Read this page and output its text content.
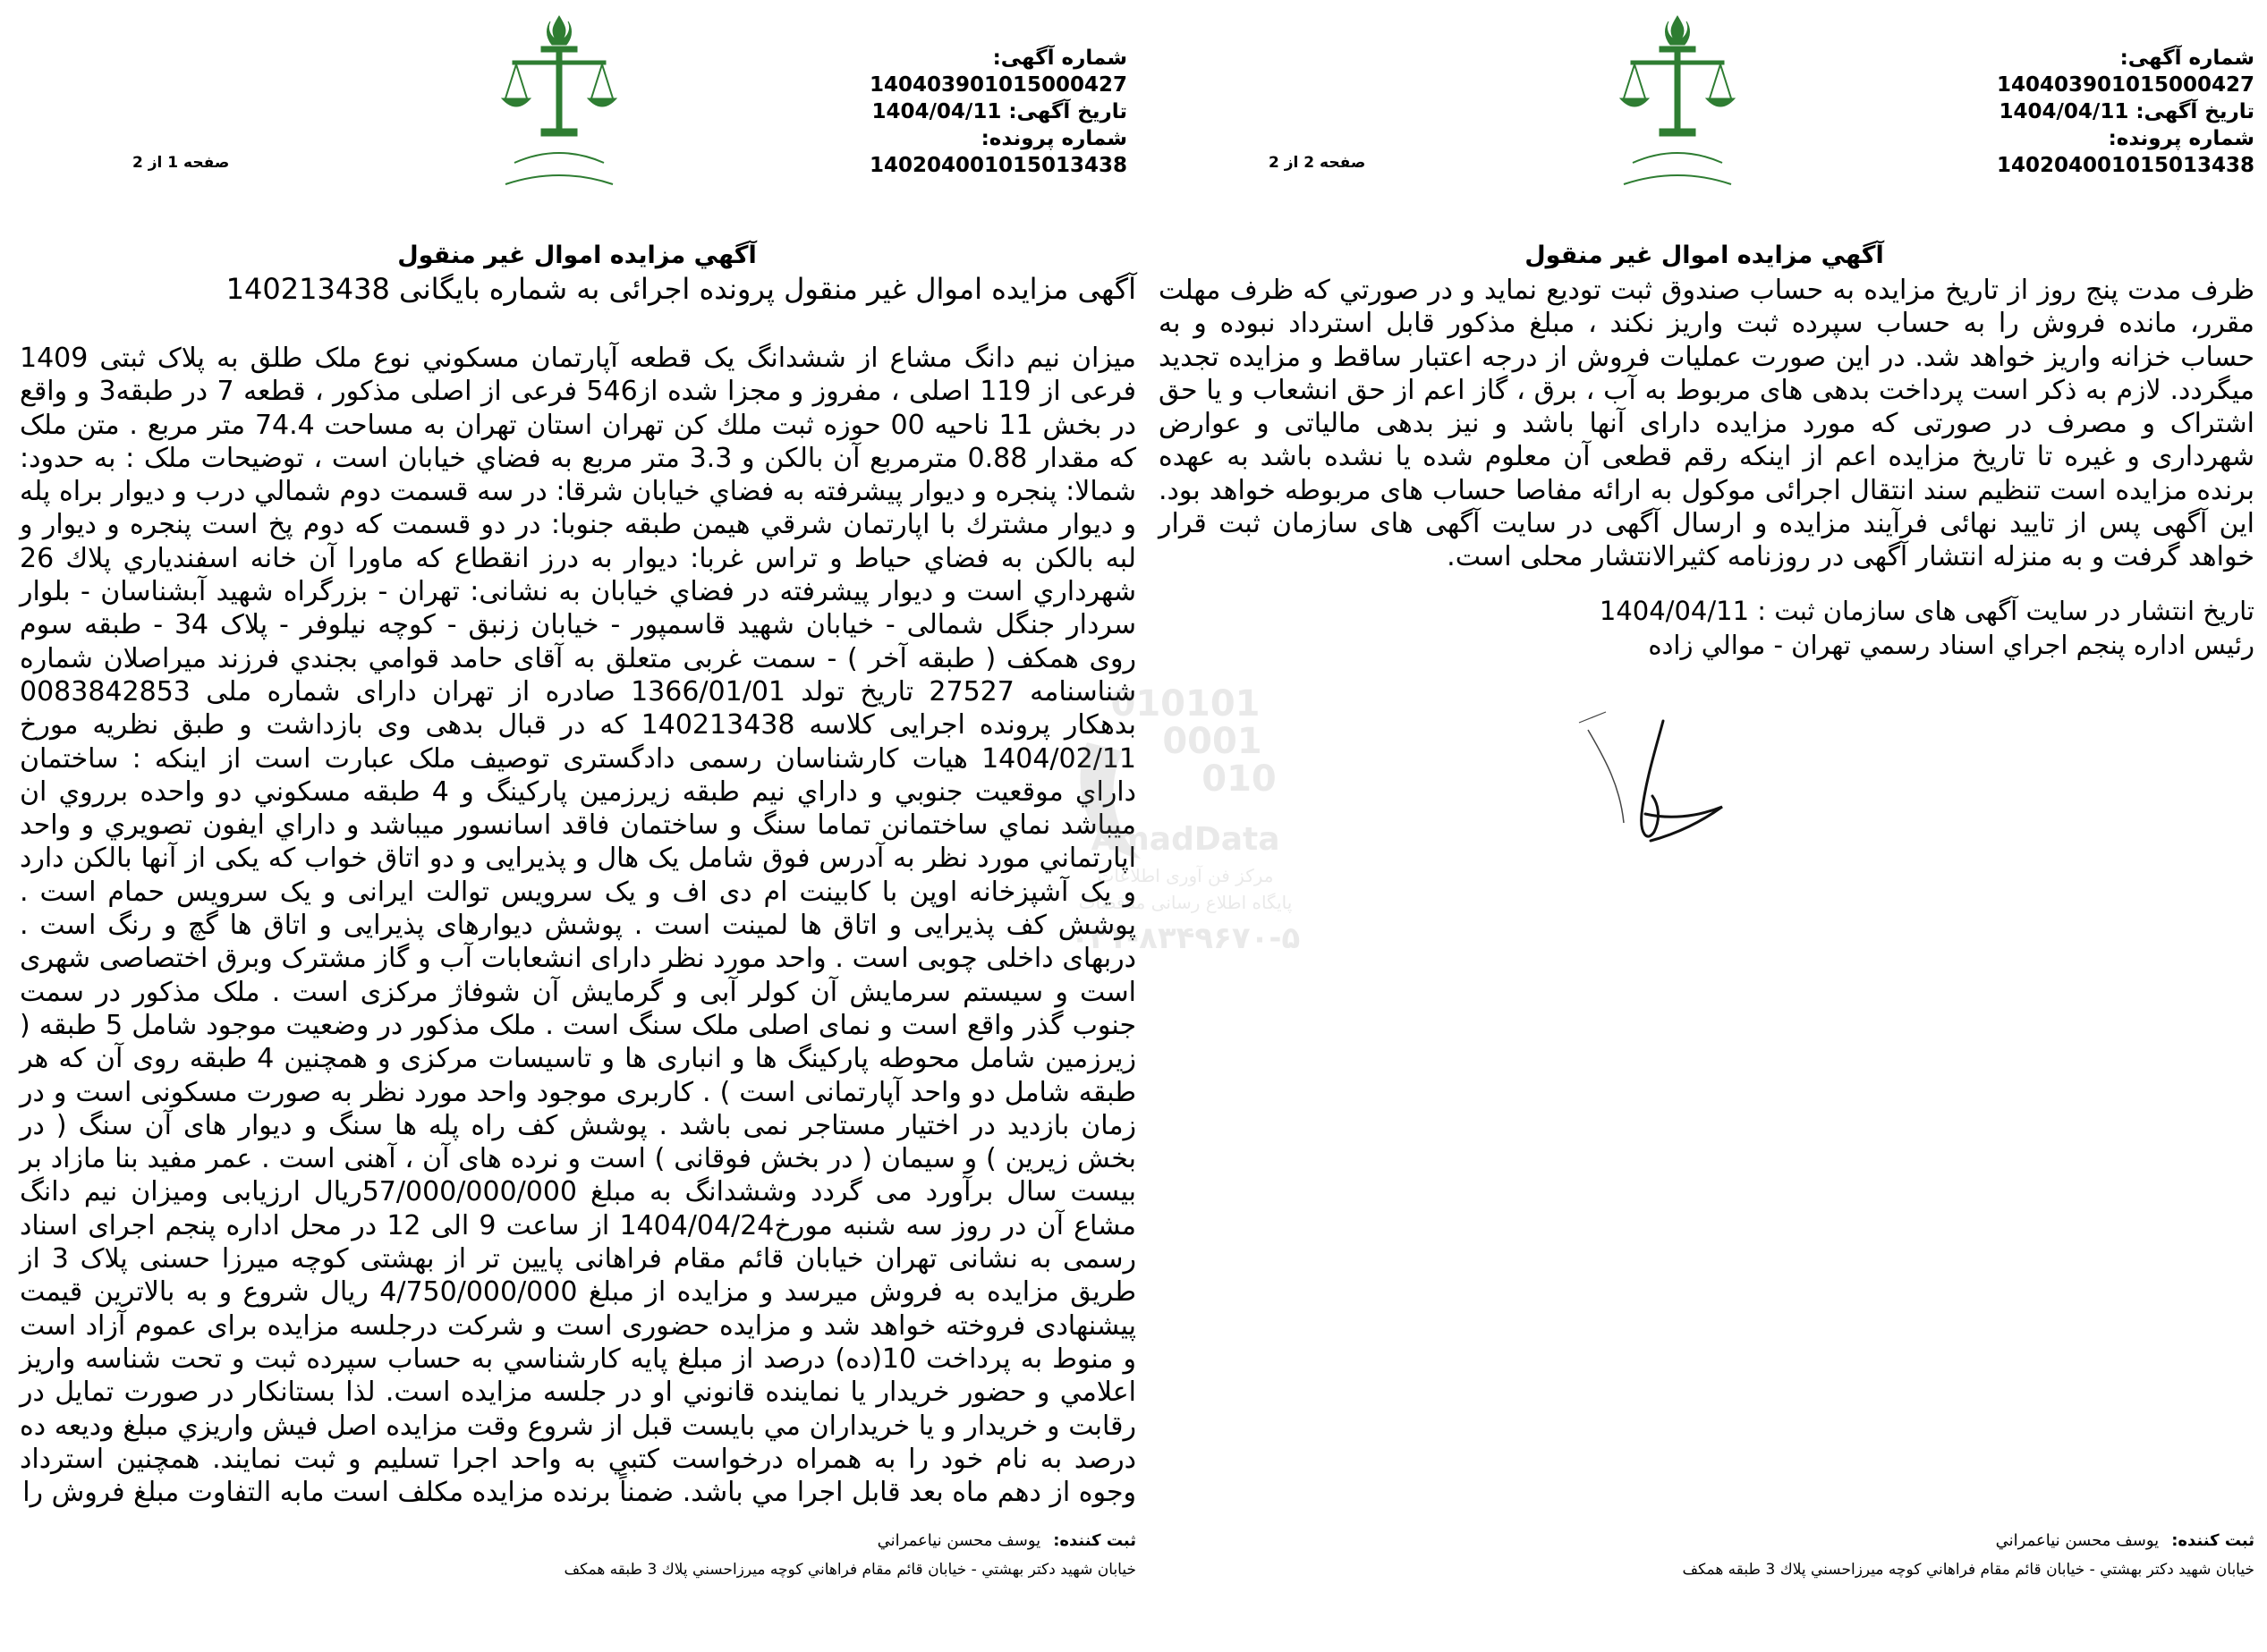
شماره آگهی: 140403901015000427
تاریخ آگهی: 1404/04/11
شماره پرونده: 140204001015013438
صفحه 2 از 2
آگهي مزايده اموال غير منقول

ظرف مدت پنج روز از تاریخ مزایده به حساب صندوق ثبت تودیع نماید و در صورتي که ظرف مهلت مقرر، مانده فروش را به حساب سپرده ثبت واریز نکند ، مبلغ مذکور قابل استرداد نبوده و به حساب خزانه واریز خواهد شد. در این صورت عملیات فروش از درجه اعتبار ساقط و مزایده تجدید میگردد. لازم به ذکر است پرداخت بدهی های مربوط به آب ، برق ، گاز اعم از حق انشعاب و یا حق اشتراک و مصرف در صورتی که مورد مزایده دارای آنها باشد و نیز بدهی مالیاتی و عوارض شهرداری و غیره تا تاریخ مزایده اعم از اینکه رقم قطعی آن معلوم شده یا نشده باشد به عهده برنده مزایده است تنظیم سند انتقال اجرائی موکول به ارائه مفاصا حساب های مربوطه خواهد بود. این آگهی پس از تایید نهائی فرآیند مزایده و ارسال آگهی در سایت آگهی های سازمان ثبت قرار خواهد گرفت و به منزله انتشار آگهی در روزنامه کثیرالانتشار محلی است.

تاریخ انتشار در سایت آگهی های سازمان ثبت : 1404/04/11
رئيس اداره پنجم اجراي اسناد رسمي تهران - موالي زاده
ثبت كننده:يوسف محسن نياعمراني
خيابان شهيد دكتر بهشتي - خيابان قائم مقام فراهاني كوچه ميرزاحسني پلاك 3 طبقه همكف
شماره آگهی: 140403901015000427
تاریخ آگهی: 1404/04/11
شماره پرونده: 140204001015013438
صفحه 1 از 2
آگهي مزايده اموال غير منقول
آگهی مزایده اموال غیر منقول پرونده اجرائی به شماره بایگانی 140213438

میزان نیم دانگ مشاع از ششدانگ یک قطعه آپارتمان مسكوني نوع ملک طلق به پلاک ثبتی 1409 فرعی از 119 اصلی ، مفروز و مجزا شده از546 فرعی از اصلی مذکور ، قطعه 7 در طبقه3 و واقع در بخش 11 ناحیه 00 حوزه ثبت ملك كن تهران استان تهران به مساحت 74.4 متر مربع . متن ملک که مقدار 0.88 مترمربع آن بالکن و 3.3 متر مربع به فضاي خيابان است ، توضیحات ملک : به حدود: شمالا: پنجره و ديوار پيشرفته به فضاي خيابان شرقا: در سه قسمت دوم شمالي درب و ديوار براه پله و ديوار مشترك با اپارتمان شرقي هيمن طبقه جنوبا: در دو قسمت كه دوم پخ است پنجره و ديوار و لبه بالكن به فضاي حياط و تراس غربا: ديوار به درز انقطاع كه ماورا آن خانه اسفندياري پلاك 26 شهرداري است و ديوار پيشرفته در فضاي خيابان به نشانی: تهران - بزرگراه شهید آبشناسان - بلوار سردار جنگل شمالی - خیابان شهید قاسمپور - خیابان زنبق - کوچه نیلوفر - پلاک 34 - طبقه سوم روی همکف ( طبقه آخر ) - سمت غربی متعلق به آقای حامد قوامي بجندي فرزند ميراصلان شماره شناسنامه 27527 تاريخ تولد 1366/01/01 صادره از تهران دارای شماره ملی 0083842853 بدهکار پرونده اجرایی کلاسه 140213438 که در قبال بدهی وی بازداشت و طبق نظریه مورخ 1404/02/11 هیات کارشناسان رسمی دادگستری توصیف ملک عبارت است از اینکه : ساختمان داراي موقعيت جنوبي و داراي نيم طبقه زيرزمين پاركينگ و 4 طبقه مسكوني دو واحده برروي ان ميباشد نماي ساختمانن تماما سنگ و ساختمان فاقد اسانسور ميباشد و داراي ايفون تصويري و واحد اپارتماني مورد نظر به آدرس فوق شامل یک هال و پذیرایی و دو اتاق خواب که یکی از آنها بالکن دارد و یک آشپزخانه اوپن با کابینت ام دی اف و یک سرویس توالت ایرانی و یک سرویس حمام است . پوشش کف پذیرایی و اتاق ها لمینت است . پوشش دیوارهای پذیرایی و اتاق ها گچ و رنگ است . دربهای داخلی چوبی است . واحد مورد نظر دارای انشعابات آب و گاز مشترک وبرق اختصاصی شهری است و سیستم سرمایش آن کولر آبی و گرمایش آن شوفاژ مرکزی است . ملک مذکور در سمت جنوب گذر واقع است و نمای اصلی ملک سنگ است . ملک مذکور در وضعیت موجود شامل 5 طبقه ( زیرزمین شامل محوطه پارکینگ ها و انباری ها و تاسیسات مرکزی و همچنین 4 طبقه روی آن که هر طبقه شامل دو واحد آپارتمانی است ) . کاربری موجود واحد مورد نظر به صورت مسکونی است و در زمان بازدید در اختیار مستاجر نمی باشد . پوشش کف راه پله ها سنگ و دیوار های آن سنگ ( در بخش زیرین ) و سیمان ( در بخش فوقانی ) است و نرده های آن ، آهنی است . عمر مفید بنا مازاد بر بیست سال برآورد می گردد وششدانگ به مبلغ 57/000/000/000ریال ارزیابی ومیزان نیم دانگ مشاع آن در روز سه شنبه مورخ1404/04/24 از ساعت 9 الی 12 در محل اداره پنجم اجرای اسناد رسمی به نشانی تهران خیابان قائم مقام فراهانی پایین تر از بهشتی کوچه میرزا حسنی پلاک 3 از طریق مزایده به فروش میرسد و مزایده از مبلغ 4/750/000/000 ریال شروع و به بالاترین قیمت پیشنهادی فروخته خواهد شد و مزایده حضوری است و شرکت درجلسه مزایده برای عموم آزاد است و منوط به پرداخت 10(ده) درصد از مبلغ پايه كارشناسي به حساب سپرده ثبت و تحت شناسه واريز اعلامي و حضور خريدار يا نماينده قانوني او در جلسه مزايده است. لذا بستانكار در صورت تمایل در رقابت و خریدار و یا خریداران مي بايست قبل از شروع وقت مزایده اصل فيش واريزي مبلغ وديعه ده درصد به نام خود را به همراه درخواست كتبي به واحد اجرا تسليم و ثبت نمايند. همچنين استرداد وجوه از دهم ماه بعد قابل اجرا مي باشد. ضمناً برنده مزایده مکلف است مابه التفاوت مبلغ فروش را

ثبت كننده:يوسف محسن نياعمراني
خيابان شهيد دكتر بهشتي - خيابان قائم مقام فراهاني كوچه ميرزاحسني پلاك 3 طبقه همكف
010101
0001
010
AmadData
مرکز فن آوری اطلاعات
پایگاه اطلاع رسانی مناقصات
۰۲۱-۸۳۴۹۶۷۰-۵
